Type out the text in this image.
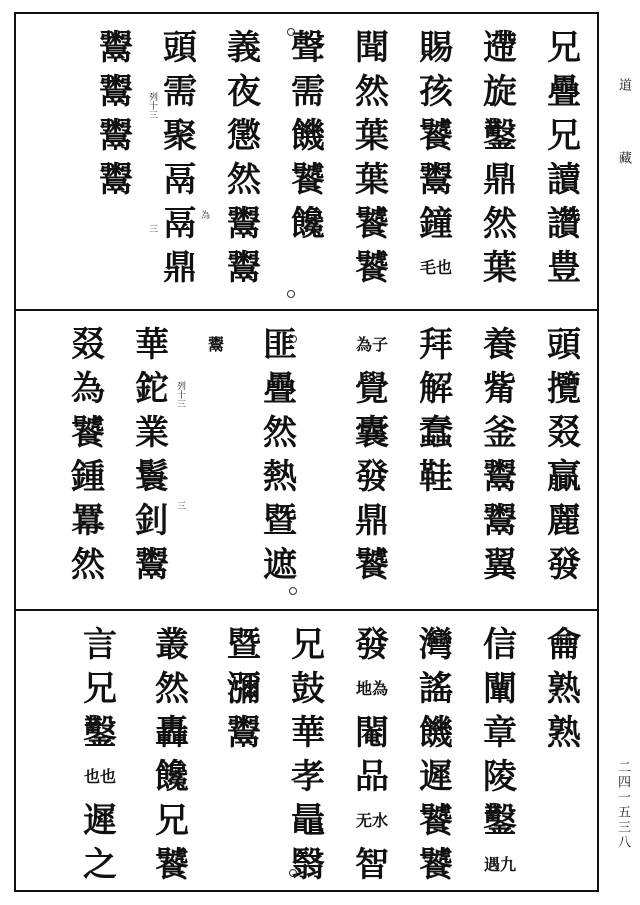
兄
疊
兄
讀
讚
豊
遰
旋
鑿
鼎
然
葉
賜
孩
饕
鬻
鐘
毛也
聞
然
葉
葉
饕
饕
聲
需
饑
饕
饞
義
夜
懲
然
鬻
鬻
頭
需
聚
鬲
鬲
鼎
鬻
鬻
鬻
鬻
列十三
三
為
頭
攬
叕
贏
麗
發
養
觜
釜
鬻
鬻
翼
拜
解
蠢
鞋
為子
覺
囊
發
鼎
饕
匪
疊
然
熱
暨
遮
鬻
華
鉈
業
鬟
釗
鬻
叕
為
饕
鍾
羃
然
列十三
三
龠
熟
熟
信
闡
章
陵
鑿
遇九
灣
謠
饑
遲
饕
饕
發
地為
閹
品
无水
智
兄
鼓
華
孝
鼂
翳
暨
瀰
鬻
叢
然
轟
饞
兄
饕
言
兄
鑿
也也
遲
之
道 藏
二四一五三八
